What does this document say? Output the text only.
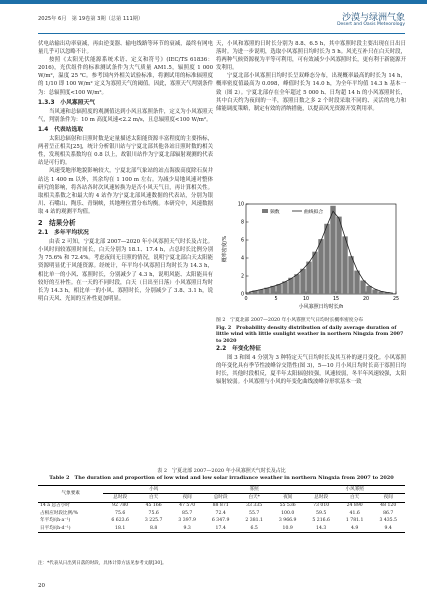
2025年 6月　第 19卷第 3期（总第 111期）	沙漠与绿洲气象
Desert and Oasis Meteorology

伏电站输出功率衰减，再由逆变器、输电线路等环节的衰减，最终有网电量几乎可以忽略不计。

按照《太阳光伏能源系统术语、定义和符号》(IEC/TS 61836：2016)，光伏组件的标准测试条件为大气质量 AM1.5，辐照度 1 000 W/m²，温度 25 ℃。参考国内外相关试验标准，将测试用的标准辐照度的 1/10 即 100 W/m² 定义为寡照天气的阈值。因此，寡照天气判别条件为：总辐照度<100 W/m²。

1.3.3　小风寡照天气

当风速和总辐照度的观测值达到小风且寡照条件，定义为小风寡照天气，判别条件为：10 m 高度风速<2.2 m/s，且总辐照度<100 W/m²。

1.4　代表站选取

太阳总辐射和日照时数是定量描述太阳能资源丰富程度的主要指标，两者呈正相关[25]，统计分析银川站与宁夏北部其他各站日照时数的相关性，发现相关系数均在 0.8 以上，故银川站作为宁夏北部辐射观测的代表站是可行的。

风速受地形地貌影响较大，宁夏北部气象站的站点海拔高度除石炭井站达 1 400 m 以外，其余均在 1 100 m 左右。为减少局地风速对整体研究的影响，将各站各时次风速转换为是否小风天气日，再计算相关性。取相关系数之和最大的 4 站作为宁夏北部风速数据的代表站，分别为银川、石嘴山、陶乐、青铜峡，其地理位置分布均衡。本研究中，风速数据取 4 站的观测平均值。

2　结果分析
2.1　多年平均状况

由表 2 可知，宁夏北部 2007—2020 年小风寡照天气时长及占比。小风时间较寡照时间长，白天分别为 18.1、17.4 h，占总时长比例分别为 75.6% 和 72.4%。考虑夜间无日照的情况，说明宁夏北部白天太阳能资源明显优于风能资源。经统计，年平均小风寡照日均时长为 14.3 h，相比单一的小风、寡照时长，分别减少了 4.3 h，说明风能、太阳能具有较好的互补性。在一天的不同时段，白天（日出至日落）小风寡照日均时长为 14.3 h，相比单一的小风、寡照时长，分别减少了 3.8、3.1 h，说明白天风、光间的互补性更加明显。

天，小风和寡照的日时长分别为 8.8、6.5 h，其中寡照时段主要出现在日出日落时。为进一步说明，选取小风寡照日均时长为 5 h。风光互补只在白天时段，将两种气候资源视为平等可利用，可有效减少小风寡照时长，更有利于新能源开发利用。

宁夏北部小风寡照日均时长呈双峰态分布，出现概率最高的时长为 14 h，概率密度值最高为 0.098，峰值时长为 14.0 h，为全年平均值 14.3 h 基本一致（图 2）。宁夏北部存在全年超过 5 000 h、日均超 14 h 的小风寡照时长，其中白天约为夜间的一半，寡照日数之多 2 个时段采取不同的、灵活的电力和储能调度策略，制定有效的消纳措施，以提高风光资源开发利用率。

0
2
4
6
8
10
0	5	10	15	20	25
频数	曲线拟合
小风寡照日均时长/h
概率密度/%
图 2　宁夏北部 2007—2020 年小风寡照天气日均时长概率密度分布
Fig. 2　Probability density distribution of daily average duration of little wind with little sunlight weather in northern Ningxia from 2007 to 2020
2.2　年变化特征

图 3 和图 4 分别为 3 种特定天气日均时长及其互补的逐月变化。小风寡照的年变化具有季节性波峰谷交错性(图 3)，5—10 月小风日均时长高于寡照日均时长，其他时段相反，夏半年太阳辐射较强，风速较弱，冬半年风速较强，太阳辐射较弱。小风寡照与小风的年变化曲线波峰谷形状基本一致

表 2　宁夏北部 2007—2020 年小风寡照天气时长及占比
Table 2　The duration and proportion of low wind and low solar irradiance weather in northern Ningxia from 2007 to 2020
气象要素	小风			寡照			小风寡照		
	总时段	白天	夜间	总时段	白天*	夜间	总时段	白天	夜间
14 a 总占小时	92 780	45 166	47 570	88 871	33 335	55 536	73 010	24 890	48 120
占相应时段比例/%	75.6	75.6	85.7	72.4	55.7	100.0	59.5	41.6	86.7
年平均/(h·a⁻¹)	6 623.6	3 225.7	3 397.9	6 347.9	2 381.1	3 966.9	5 216.6	1 781.1	3 435.5
日平均/(h·d⁻¹)	18.1	8.8	9.3	17.4	6.5	10.9	14.3	4.9	9.4
注：*代表从日出到日落的时段，具体计算方法见参考文献[30]。
20
